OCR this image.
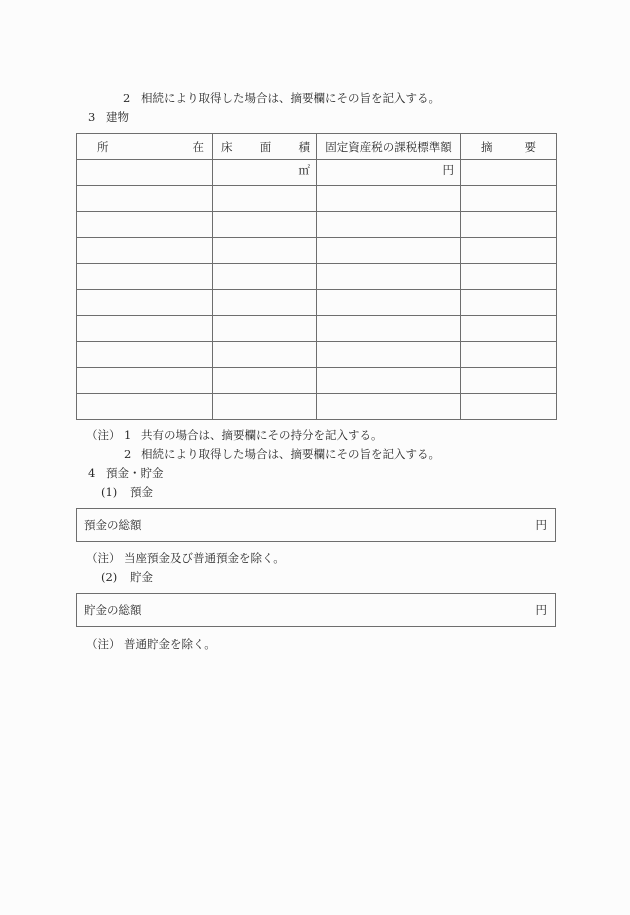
2 相続により取得した場合は、摘要欄にその旨を記入する。
3 建物
所 在	床 面 積	固定資産税の課税標準額	摘 要

	㎡	円	

（注） 1 共有の場合は、摘要欄にその持分を記入する。
2 相続により取得した場合は、摘要欄にその旨を記入する。
4 預金・貯金
(1) 預金
預金の総額	円
（注） 当座預金及び普通預金を除く。
(2) 貯金
貯金の総額	円
（注） 普通貯金を除く。
